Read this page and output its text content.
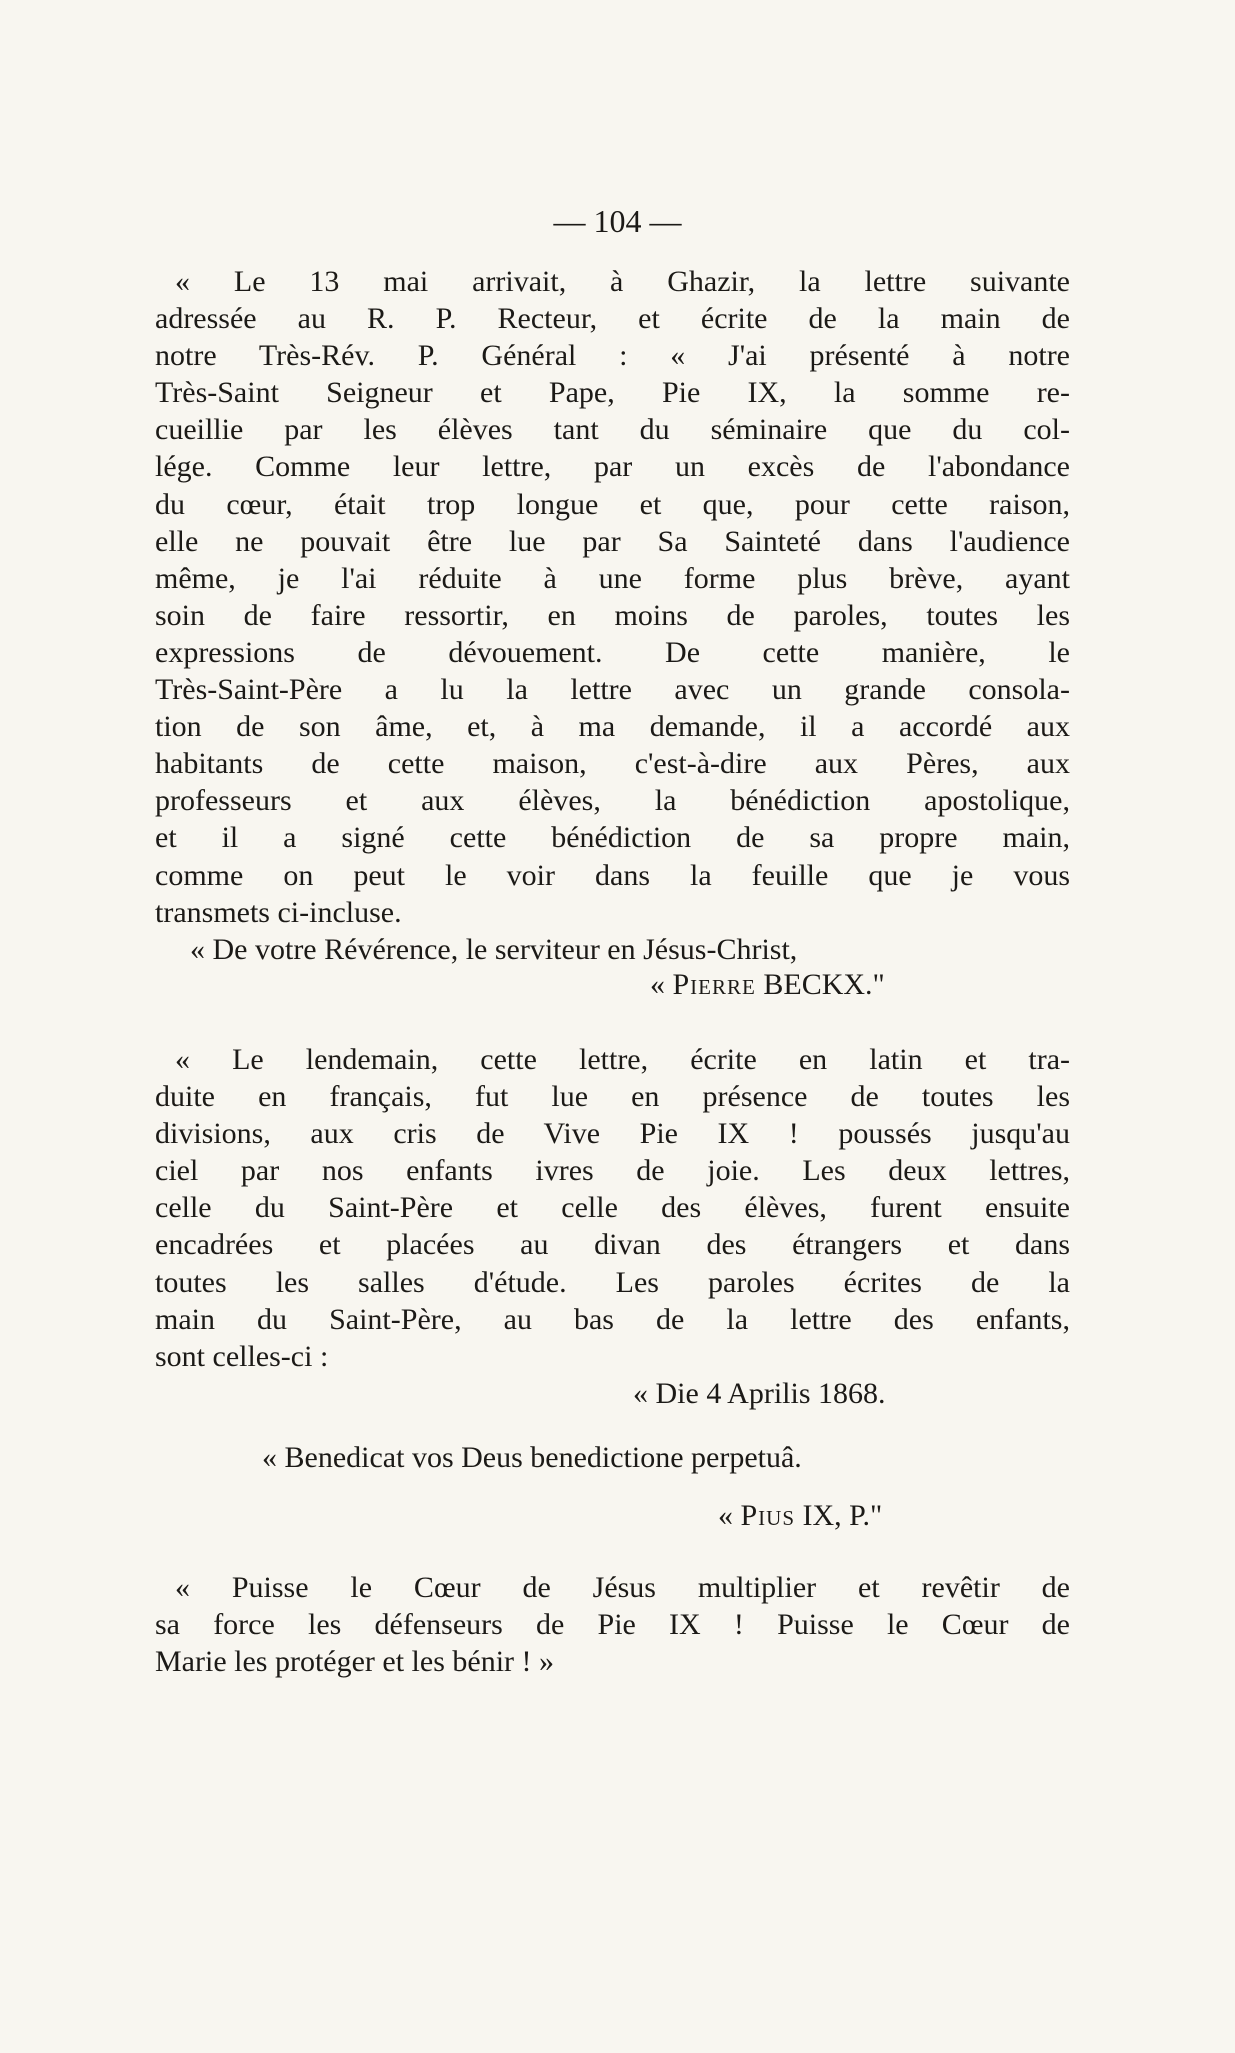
— 104 —

« Le 13 mai arrivait, à Ghazir, la lettre suivante

adressée au R. P. Recteur, et écrite de la main de

notre Très-Rév. P. Général : « J'ai présenté à notre

Très-Saint Seigneur et Pape, Pie IX, la somme re-

cueillie par les élèves tant du séminaire que du col-

lége. Comme leur lettre, par un excès de l'abondance

du cœur, était trop longue et que, pour cette raison,

elle ne pouvait être lue par Sa Sainteté dans l'audience

même, je l'ai réduite à une forme plus brève, ayant

soin de faire ressortir, en moins de paroles, toutes les

expressions de dévouement. De cette manière, le

Très-Saint-Père a lu la lettre avec un grande consola-

tion de son âme, et, à ma demande, il a accordé aux

habitants de cette maison, c'est-à-dire aux Pères, aux

professeurs et aux élèves, la bénédiction apostolique,

et il a signé cette bénédiction de sa propre main,

comme on peut le voir dans la feuille que je vous

transmets ci-incluse.

« De votre Révérence, le serviteur en Jésus-Christ,
« Pierre BECKX."

« Le lendemain, cette lettre, écrite en latin et tra-

duite en français, fut lue en présence de toutes les

divisions, aux cris de Vive Pie IX ! poussés jusqu'au

ciel par nos enfants ivres de joie. Les deux lettres,

celle du Saint-Père et celle des élèves, furent ensuite

encadrées et placées au divan des étrangers et dans

toutes les salles d'étude. Les paroles écrites de la

main du Saint-Père, au bas de la lettre des enfants,

sont celles-ci :

« Die 4 Aprilis 1868.
« Benedicat vos Deus benedictione perpetuâ.
« Pius IX, P."

« Puisse le Cœur de Jésus multiplier et revêtir de

sa force les défenseurs de Pie IX ! Puisse le Cœur de

Marie les protéger et les bénir ! »
